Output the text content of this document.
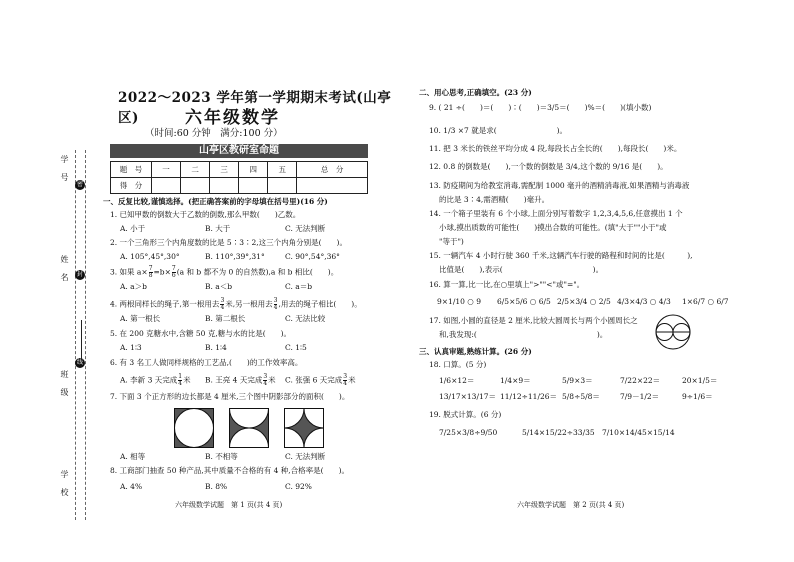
学　号
姓　名
班　级
学　校
密
封
线
2022～2023 学年第一学期期末考试(山亭区)	六年级数学
（时间:60 分钟　满分:100 分）
山亭区教研室命题
题　号	一	二	三	四	五	总　分
得　分						
一、反复比较,谨慎选择。(把正确答案前的字母填在括号里)(16 分)
1. 已知甲数的倒数大于乙数的倒数,那么甲数(　　)乙数。
A. 小于	B. 大于	C. 无法判断
2. 一个三角形三个内角度数的比是 5∶3∶2,这三个内角分别是(　　)。
A. 105°,45°,30°	B. 110°,39°,31°	C. 90°,54°,36°
3. 如果 $a\times \frac{7}{8} =b\times \frac{7}{6} (a$ 和 b 都不为 0 的自然数),a 和 b 相比(　　)。
A. a＞b	B. a＜b	C. a＝b
4. 两根同样长的绳子,第一根用去 $\frac{3}{4}$ 米,另一根用去 $\frac{3}{4}$ ,用去的绳子相比(　　)。
A. 第一根长	B. 第二根长	C. 无法比较
5. 在 200 克糖水中,含糖 50 克,糖与水的比是(　　)。
A. 1∶3	B. 1∶4	C. 1∶5
6. 有 3 名工人做同样规格的工艺品,(　　)的工作效率高。
A. 李新 3 天完成 $\frac{1}{4}$ 米 B. 王亮 4 天完成 $\frac{3}{4}$ 米 C. 张强 6 天完成 $\frac{3}{4}$ 米
7. 下面 3 个正方形的边长都是 4 厘米,三个图中阴影部分的面积(　　)。
A. 相等	B. 不相等	C. 无法判断
8. 工商部门抽查 50 种产品,其中质量不合格的有 4 种,合格率是(　　)。
A. 4%	B. 8%	C. 92%
六年级数学试题　第 1 页(共 4 页)
二、用心思考,正确填空。(23 分)
9. ( 21 ÷(　　)＝(　　)∶(　　)＝3/5＝(　　)%＝(　　)(填小数)
10. 1/3 ×7 就是求(　　　　　　　　)。
11. 把 3 米长的铁丝平均分成 4 段,每段长占全长的(　　),每段长(　　)米。
12. 0.8 的倒数是(　　),一个数的倒数是 3/4,这个数的 9/16 是(　　)。
13. 防疫期间为给教室消毒,需配制 1000 毫升的酒精消毒液,如果酒精与消毒液
的比是 3∶4,需酒精(　　)毫升。
14. 一个箱子里装有 6 个小球,上面分别写着数字 1,2,3,4,5,6,任意摸出 1 个
小球,摸出质数的可能性(　　)摸出合数的可能性。(填"大于""小于"或
"等于")
15. 一辆汽车 4 小时行驶 360 千米,这辆汽车行驶的路程和时间的比是(　　　),
比值是(　　),表示(　　　　　　　　　　　　)。
16. 算一算,比一比,在○里填上">""<"或"="。
9×1/10 ○ 9 6/5×5/6 ○ 6/5 2/5×3/4 ○ 2/5 4/3×4/3 ○ 4/3 1×6/7 ○ 6/7
17. 如图,小圆的直径是 2 厘米,比较大圆周长与两个小圆周长之
和,我发现:(　　　　　　　　　　　　　　　　)。
三、认真审题,熟练计算。(26 分)
18. 口算。(5 分)
1/6×12＝	1/4×9＝	5/9×3＝	7/22×22＝	20×1/5＝
13/17×13/17＝ 11/12÷11/26＝ 5/8÷5/8＝	7/9－1/2＝	9÷1/6＝
19. 脱式计算。(6 分)
7/25×3/8÷9/50	5/14×15/22÷33/35 7/10×14/45×15/14
六年级数学试题　第 2 页(共 4 页)
